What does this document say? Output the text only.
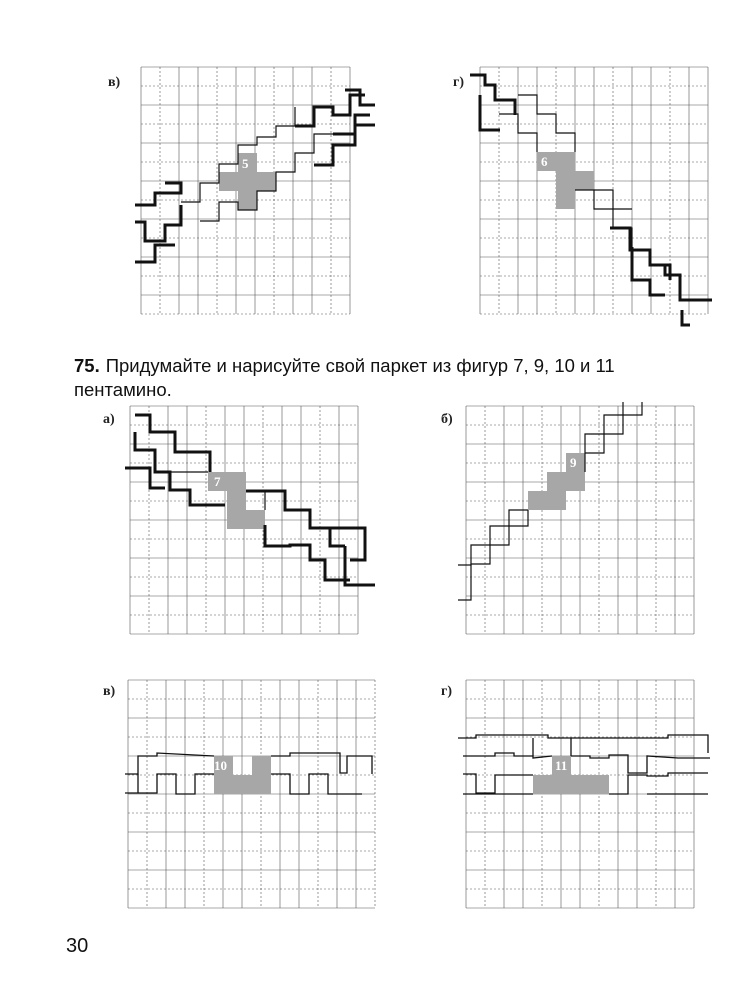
в)
5
г)
6
75. Придумайте и нарисуйте свой паркет из фигур 7, 9, 10 и 11 пентамино.
а)
7
б)
9
в)
10
г)
11
30
